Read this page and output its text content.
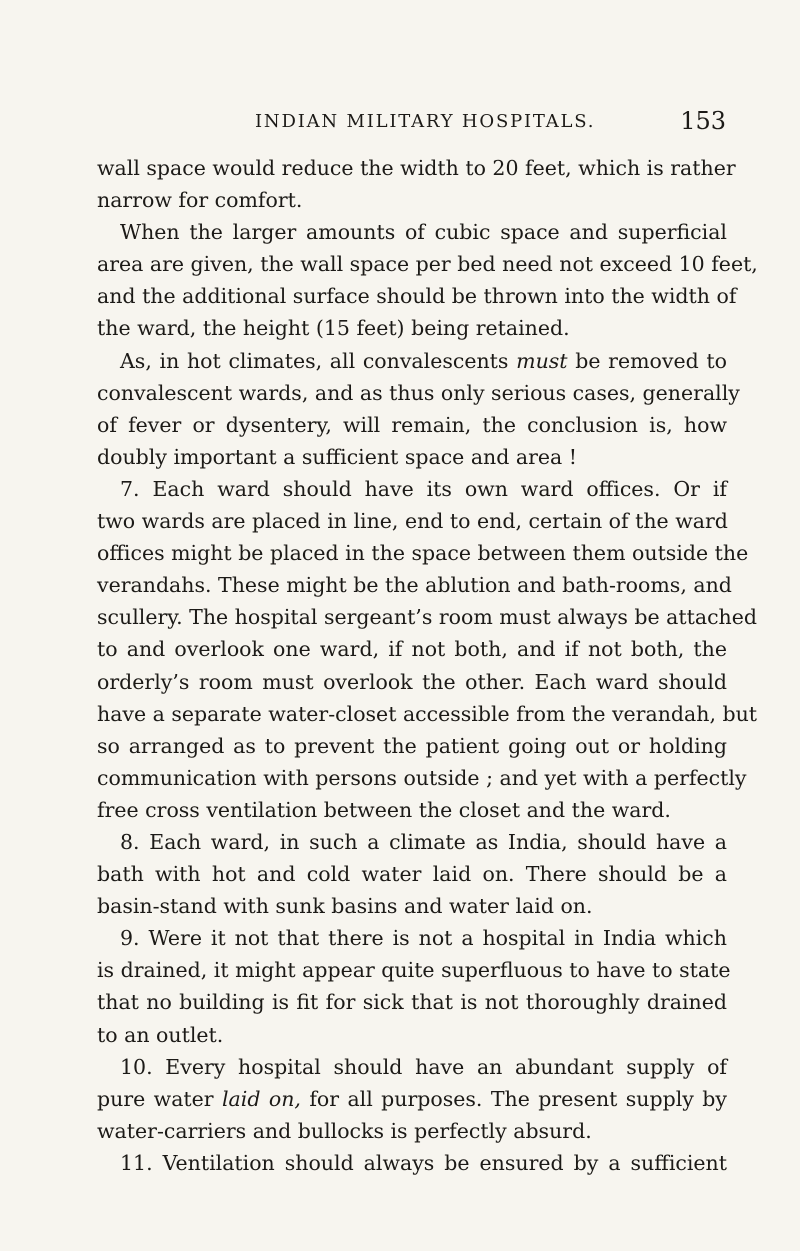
INDIAN MILITARY HOSPITALS.	153
wall space would reduce the width to 20 feet, which is rather
narrow for comfort.
When the larger amounts of cubic space and superficial
area are given, the wall space per bed need not exceed 10 feet,
and the additional surface should be thrown into the width of
the ward, the height (15 feet) being retained.
As, in hot climates, all convalescents must be removed to
convalescent wards, and as thus only serious cases, generally
of fever or dysentery, will remain, the conclusion is, how
doubly important a sufficient space and area !
7. Each ward should have its own ward offices. Or if
two wards are placed in line, end to end, certain of the ward
offices might be placed in the space between them outside the
verandahs. These might be the ablution and bath-rooms, and
scullery. The hospital sergeant’s room must always be attached
to and overlook one ward, if not both, and if not both, the
orderly’s room must overlook the other. Each ward should
have a separate water-closet accessible from the verandah, but
so arranged as to prevent the patient going out or holding
communication with persons outside ; and yet with a perfectly
free cross ventilation between the closet and the ward.
8. Each ward, in such a climate as India, should have a
bath with hot and cold water laid on. There should be a
basin-stand with sunk basins and water laid on.
9. Were it not that there is not a hospital in India which
is drained, it might appear quite superfluous to have to state
that no building is fit for sick that is not thoroughly drained
to an outlet.
10. Every hospital should have an abundant supply of
pure water laid on, for all purposes. The present supply by
water-carriers and bullocks is perfectly absurd.
11. Ventilation should always be ensured by a sufficient
